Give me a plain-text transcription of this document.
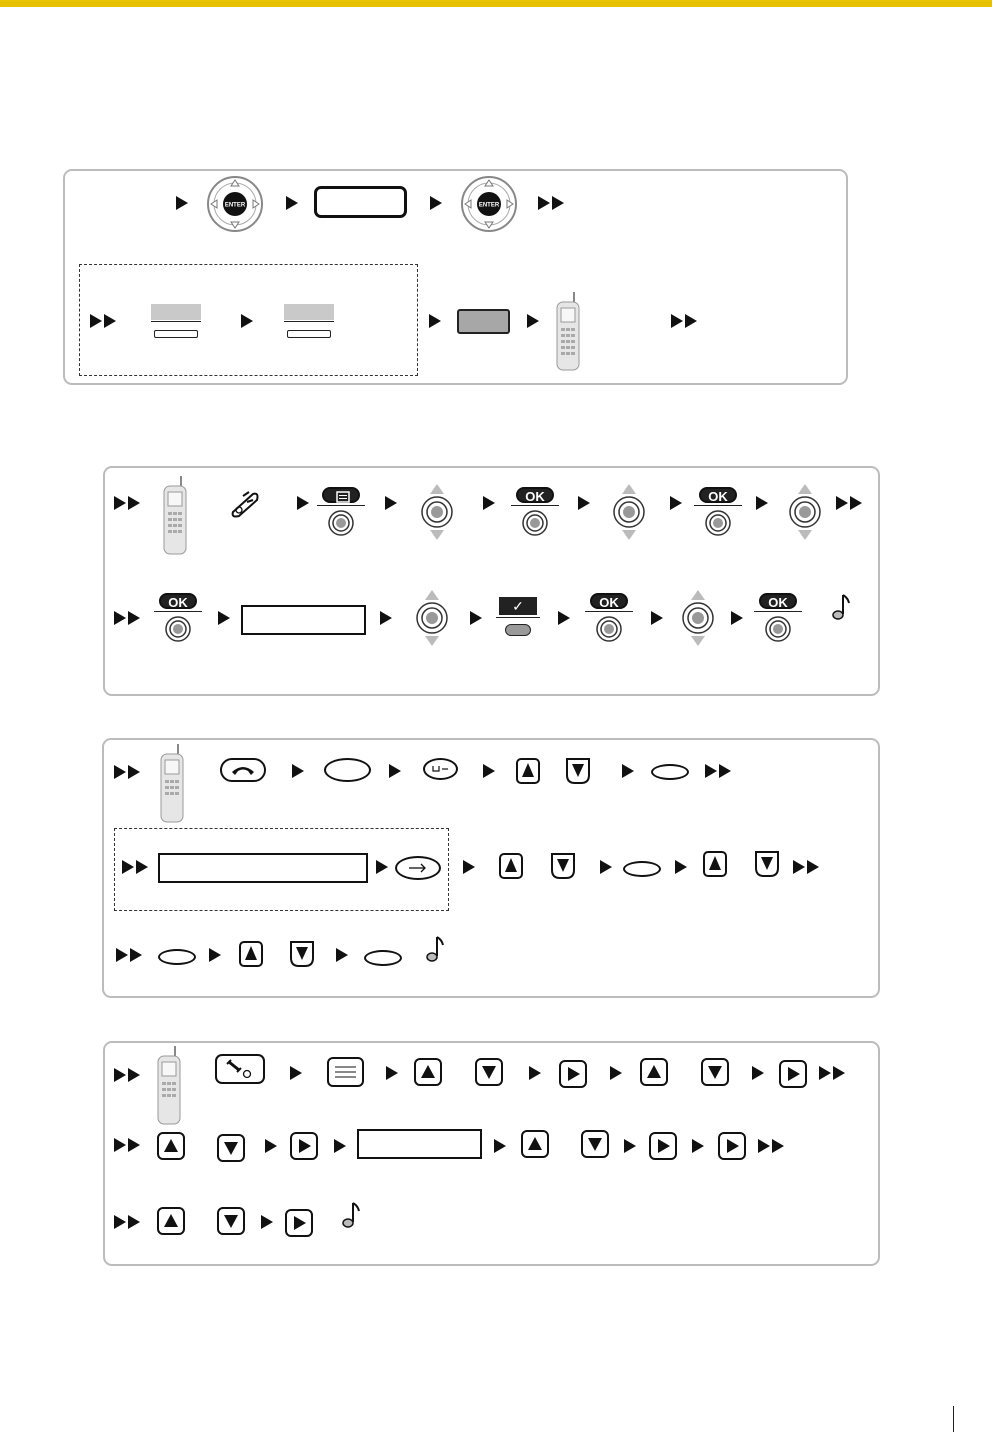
ENTER	ENTER
OK	OK
OK	✓	OK	OK
